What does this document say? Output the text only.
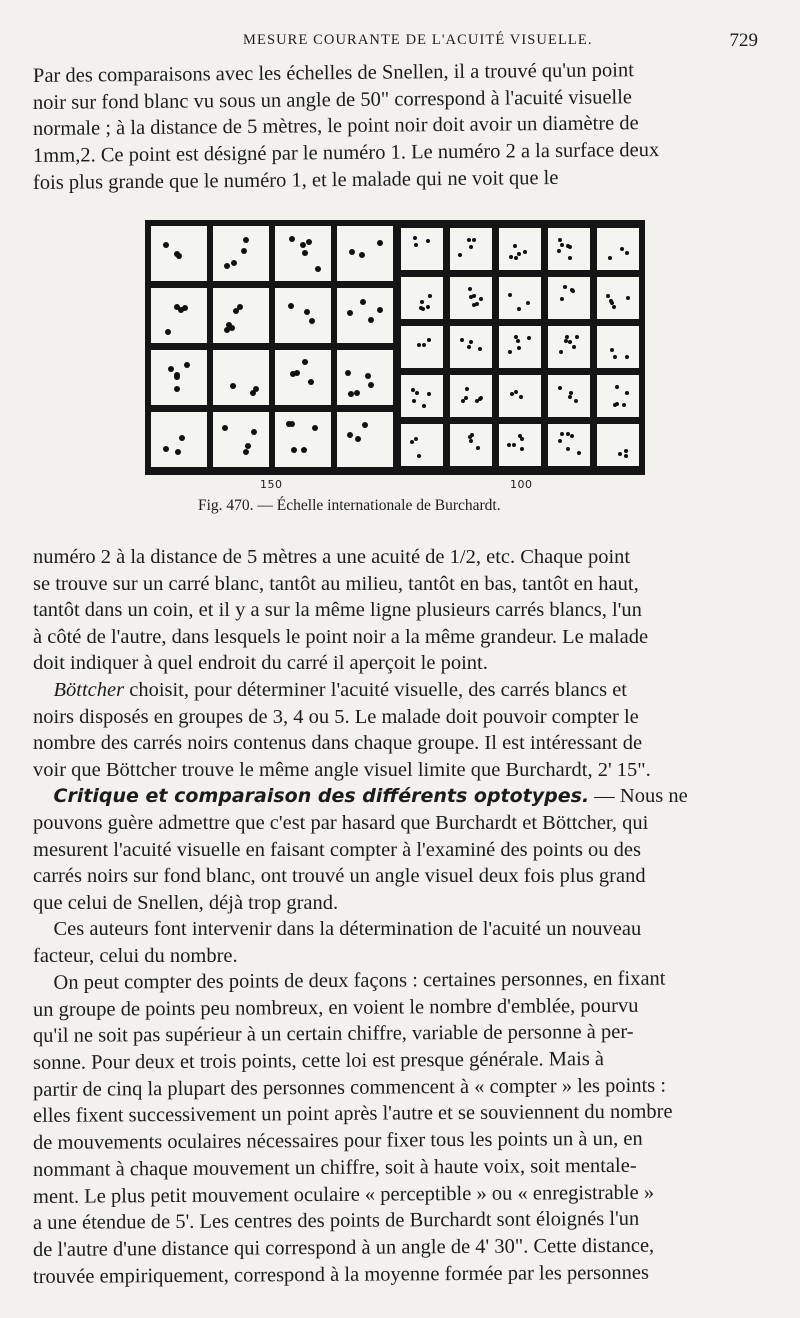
MESURE COURANTE DE L'ACUITÉ VISUELLE.	729
Par des comparaisons avec les échelles de Snellen, il a trouvé qu'un point
noir sur fond blanc vu sous un angle de 50" correspond à l'acuité visuelle
normale ; à la distance de 5 mètres, le point noir doit avoir un diamètre de
1mm,2. Ce point est désigné par le numéro 1. Le numéro 2 a la surface deux
fois plus grande que le numéro 1, et le malade qui ne voit que le
150	100
Fig. 470. — Échelle internationale de Burchardt.
numéro 2 à la distance de 5 mètres a une acuité de 1/2, etc. Chaque point
se trouve sur un carré blanc, tantôt au milieu, tantôt en bas, tantôt en haut,
tantôt dans un coin, et il y a sur la même ligne plusieurs carrés blancs, l'un
à côté de l'autre, dans lesquels le point noir a la même grandeur. Le malade
doit indiquer à quel endroit du carré il aperçoit le point.
 Böttcher choisit, pour déterminer l'acuité visuelle, des carrés blancs et
noirs disposés en groupes de 3, 4 ou 5. Le malade doit pouvoir compter le
nombre des carrés noirs contenus dans chaque groupe. Il est intéressant de
voir que Böttcher trouve le même angle visuel limite que Burchardt, 2' 15".
 Critique et comparaison des différents optotypes. — Nous ne
pouvons guère admettre que c'est par hasard que Burchardt et Böttcher, qui
mesurent l'acuité visuelle en faisant compter à l'examiné des points ou des
carrés noirs sur fond blanc, ont trouvé un angle visuel deux fois plus grand
que celui de Snellen, déjà trop grand.
 Ces auteurs font intervenir dans la détermination de l'acuité un nouveau
facteur, celui du nombre.
 On peut compter des points de deux façons : certaines personnes, en fixant
un groupe de points peu nombreux, en voient le nombre d'emblée, pourvu
qu'il ne soit pas supérieur à un certain chiffre, variable de personne à per-
sonne. Pour deux et trois points, cette loi est presque générale. Mais à
partir de cinq la plupart des personnes commencent à « compter » les points :
elles fixent successivement un point après l'autre et se souviennent du nombre
de mouvements oculaires nécessaires pour fixer tous les points un à un, en
nommant à chaque mouvement un chiffre, soit à haute voix, soit mentale-
ment. Le plus petit mouvement oculaire « perceptible » ou « enregistrable »
a une étendue de 5'. Les centres des points de Burchardt sont éloignés l'un
de l'autre d'une distance qui correspond à un angle de 4' 30". Cette distance,
trouvée empiriquement, correspond à la moyenne formée par les personnes
